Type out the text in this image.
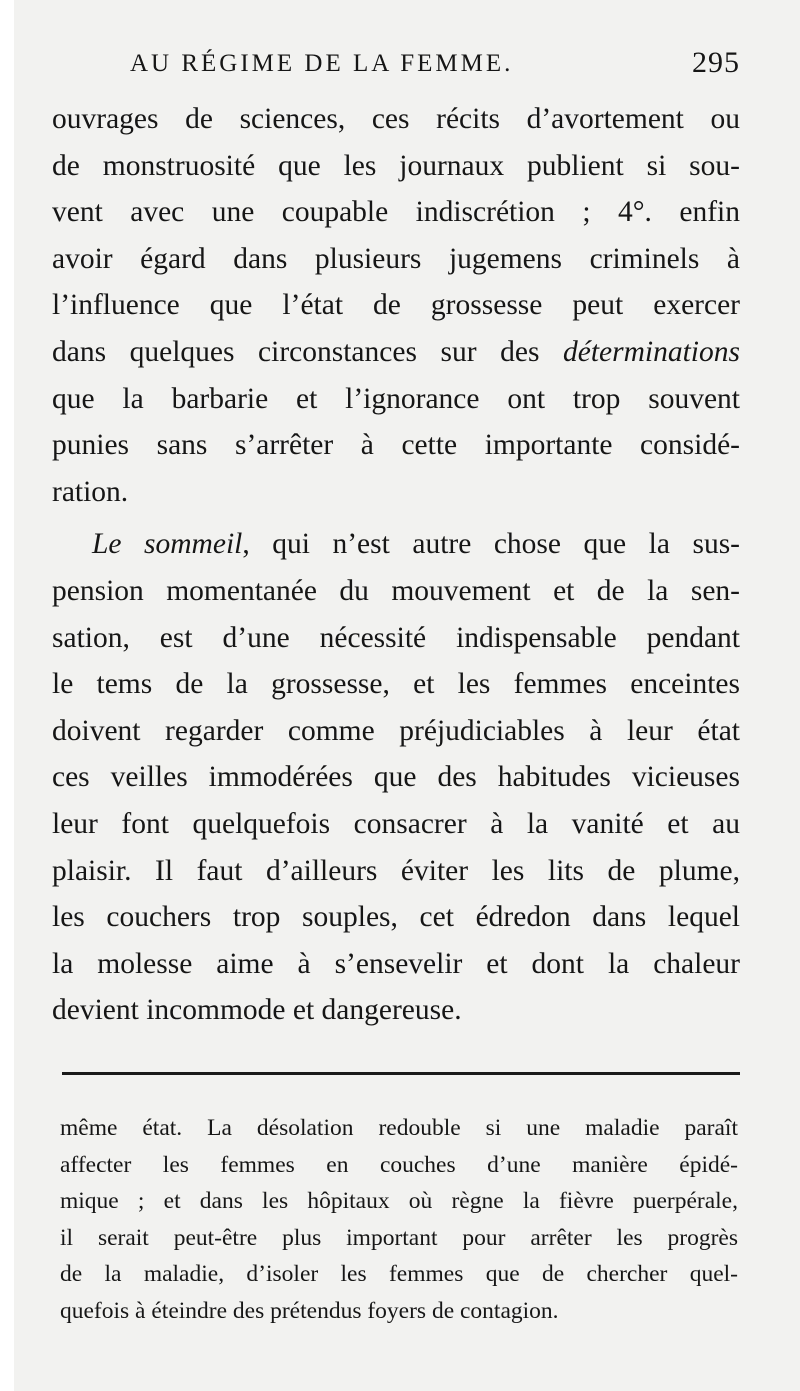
AU RÉGIME DE LA FEMME.	295
ouvrages de sciences, ces récits d’avortement ou
de monstruosité que les journaux publient si sou-
vent avec une coupable indiscrétion ; 4°. enfin
avoir égard dans plusieurs jugemens criminels à
l’influence que l’état de grossesse peut exercer
dans quelques circonstances sur des déterminations
que la barbarie et l’ignorance ont trop souvent
punies sans s’arrêter à cette importante considé-
ration.
Le sommeil, qui n’est autre chose que la sus-
pension momentanée du mouvement et de la sen-
sation, est d’une nécessité indispensable pendant
le tems de la grossesse, et les femmes enceintes
doivent regarder comme préjudiciables à leur état
ces veilles immodérées que des habitudes vicieuses
leur font quelquefois consacrer à la vanité et au
plaisir. Il faut d’ailleurs éviter les lits de plume,
les couchers trop souples, cet édredon dans lequel
la molesse aime à s’ensevelir et dont la chaleur
devient incommode et dangereuse.
même état. La désolation redouble si une maladie paraît
affecter les femmes en couches d’une manière épidé-
mique ; et dans les hôpitaux où règne la fièvre puerpérale,
il serait peut-être plus important pour arrêter les progrès
de la maladie, d’isoler les femmes que de chercher quel-
quefois à éteindre des prétendus foyers de contagion.
